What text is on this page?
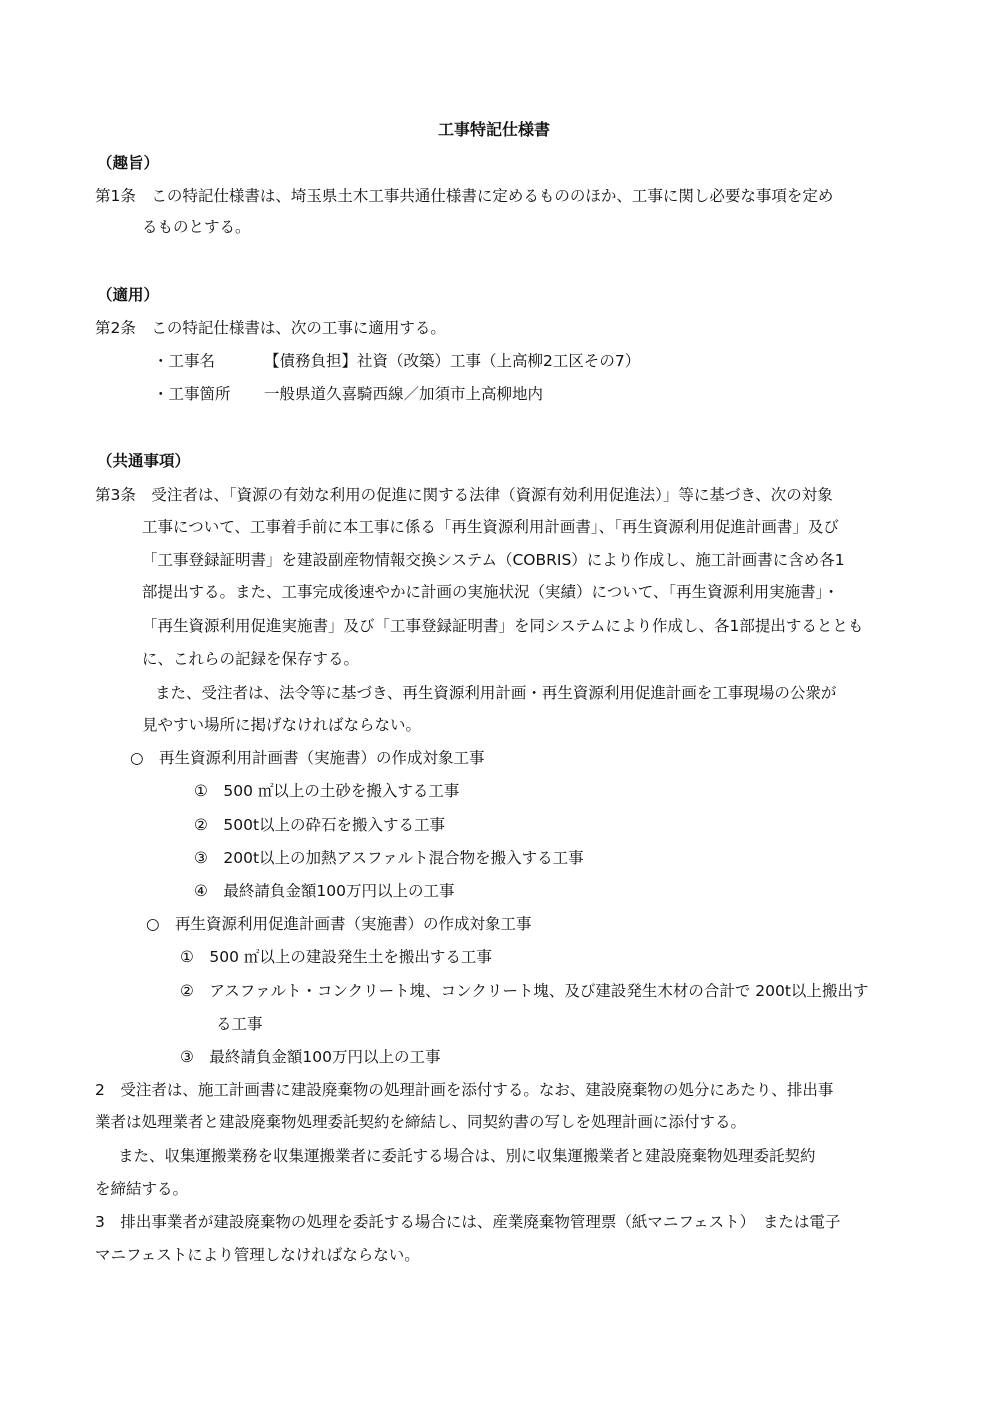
工事特記仕様書
（趣旨）
第1条　この特記仕様書は、埼玉県土木工事共通仕様書に定めるもののほか、工事に関し必要な事項を定め
るものとする。
（適用）
第2条　この特記仕様書は、次の工事に適用する。
・工事名	【債務負担】社資（改築）工事（上高柳2工区その7）
・工事箇所 一般県道久喜騎西線／加須市上高柳地内
（共通事項）
第3条　受注者は、「資源の有効な利用の促進に関する法律（資源有効利用促進法）」等に基づき、次の対象
工事について、工事着手前に本工事に係る「再生資源利用計画書」、「再生資源利用促進計画書」及び
「工事登録証明書」を建設副産物情報交換システム（COBRIS）により作成し、施工計画書に含め各1
部提出する。また、工事完成後速やかに計画の実施状況（実績）について、「再生資源利用実施書」・
「再生資源利用促進実施書」及び「工事登録証明書」を同システムにより作成し、各1部提出するととも
に、これらの記録を保存する。
また、受注者は、法令等に基づき、再生資源利用計画・再生資源利用促進計画を工事現場の公衆が
見やすい場所に掲げなければならない。
○　再生資源利用計画書（実施書）の作成対象工事
①　500 ㎡以上の土砂を搬入する工事
②　500t以上の砕石を搬入する工事
③　200t以上の加熱アスファルト混合物を搬入する工事
④　最終請負金額100万円以上の工事
○　再生資源利用促進計画書（実施書）の作成対象工事
①　500 ㎡以上の建設発生土を搬出する工事
②　アスファルト・コンクリート塊、コンクリート塊、及び建設発生木材の合計で 200t以上搬出す
る工事
③　最終請負金額100万円以上の工事
2　受注者は、施工計画書に建設廃棄物の処理計画を添付する。なお、建設廃棄物の処分にあたり、排出事
業者は処理業者と建設廃棄物処理委託契約を締結し、同契約書の写しを処理計画に添付する。
また、収集運搬業務を収集運搬業者に委託する場合は、別に収集運搬業者と建設廃棄物処理委託契約
を締結する。
3　排出事業者が建設廃棄物の処理を委託する場合には、産業廃棄物管理票（紙マニフェスト）　または電子
マニフェストにより管理しなければならない。
